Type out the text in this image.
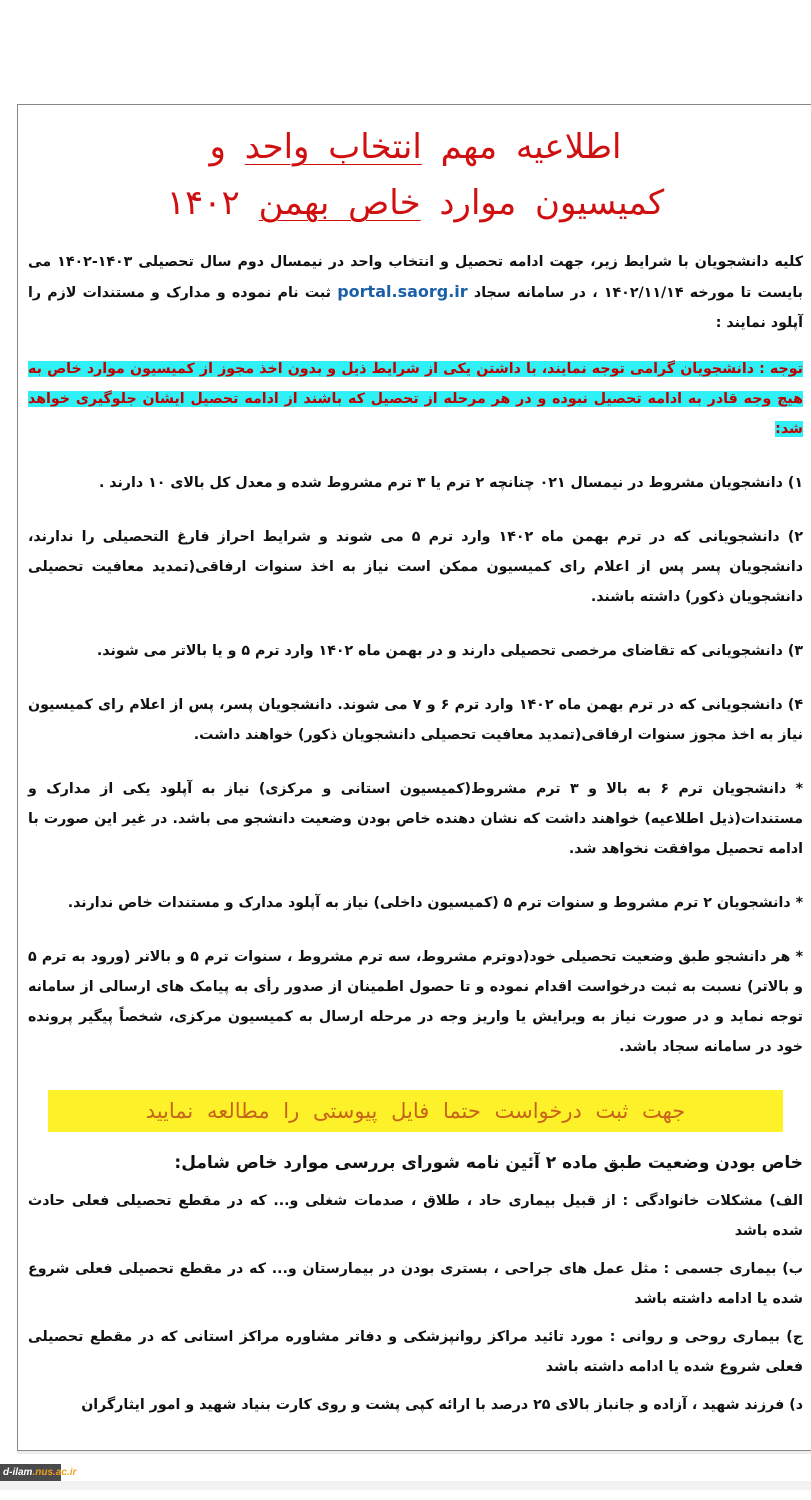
اطلاعیه مهم انتخاب واحد و
کمیسیون موارد خاص بهمن ۱۴۰۲
کلیه دانشجویان با شرایط زیر، جهت ادامه تحصیل و انتخاب واحد در نیمسال دوم سال تحصیلی ۱۴۰۳-۱۴۰۲ می بایست تا مورخه ۱۴۰۲/۱۱/۱۴ ، در سامانه سجاد portal.saorg.ir ثبت نام نموده و مدارک و مستندات لازم را آپلود نمایند :
توجه : دانشجویان گرامی توجه نمایند، با داشتن یکی از شرایط ذیل و بدون اخذ مجوز از کمیسیون موارد خاص به هیچ وجه قادر به ادامه تحصیل نبوده و در هر مرحله از تحصیل که باشند از ادامه تحصیل ایشان جلوگیری خواهد شد:
۱) دانشجویان مشروط در نیمسال ۰۲۱ چنانچه ۲ ترم یا ۳ ترم مشروط شده و معدل کل بالای ۱۰ دارند .
۲) دانشجویانی که در ترم بهمن ماه ۱۴۰۲ وارد ترم ۵ می شوند و شرایط احراز فارغ التحصیلی را ندارند، دانشجویان پسر پس از اعلام رای کمیسیون ممکن است نیاز به اخذ سنوات ارفاقی(تمدید معافیت تحصیلی دانشجویان ذکور) داشته باشند.
۳) دانشجویانی که تقاضای مرخصی تحصیلی دارند و در بهمن ماه ۱۴۰۲ وارد ترم ۵ و یا بالاتر می شوند.
۴) دانشجویانی که در ترم بهمن ماه ۱۴۰۲ وارد ترم ۶ و ۷ می شوند. دانشجویان پسر، پس از اعلام رای کمیسیون نیاز به اخذ مجوز سنوات ارفاقی(تمدید معافیت تحصیلی دانشجویان ذکور) خواهند داشت.
* دانشجویان ترم ۶ به بالا و ۳ ترم مشروط(کمیسیون استانی و مرکزی) نیاز به آپلود یکی از مدارک و مستندات(ذیل اطلاعیه) خواهند داشت که نشان دهنده خاص بودن وضعیت دانشجو می باشد. در غیر این صورت با ادامه تحصیل موافقت نخواهد شد.
* دانشجویان ۲ ترم مشروط و سنوات ترم ۵ (کمیسیون داخلی) نیاز به آپلود مدارک و مستندات خاص ندارند.
* هر دانشجو طبق وضعیت تحصیلی خود(دوترم مشروط، سه ترم مشروط ، سنوات ترم ۵ و بالاتر (ورود به ترم ۵ و بالاتر) نسبت به ثبت درخواست اقدام نموده و تا حصول اطمینان از صدور رأی به پیامک های ارسالی از سامانه توجه نماید و در صورت نیاز به ویرایش یا واریز وجه در مرحله ارسال به کمیسیون مرکزی، شخصاً پیگیر پرونده خود در سامانه سجاد باشد.
جهت ثبت درخواست حتما فایل پیوستی را مطالعه نمایید
خاص بودن وضعیت طبق ماده ۲ آئین نامه شورای بررسی موارد خاص شامل:
الف) مشکلات خانوادگی : از قبیل بیماری حاد ، طلاق ، صدمات شغلی و... که در مقطع تحصیلی فعلی حادث شده باشد
ب) بیماری جسمی : مثل عمل های جراحی ، بستری بودن در بیمارستان و... که در مقطع تحصیلی فعلی شروع شده یا ادامه داشته باشد
ج) بیماری روحی و روانی : مورد تائید مراکز روانپزشکی و دفاتر مشاوره مراکز استانی که در مقطع تحصیلی فعلی شروع شده یا ادامه داشته باشد
د) فرزند شهید ، آزاده و جانباز بالای ۲۵ درصد با ارائه کپی پشت و روی کارت بنیاد شهید و امور ایثارگران
d-ilam.nus.ac.ir
